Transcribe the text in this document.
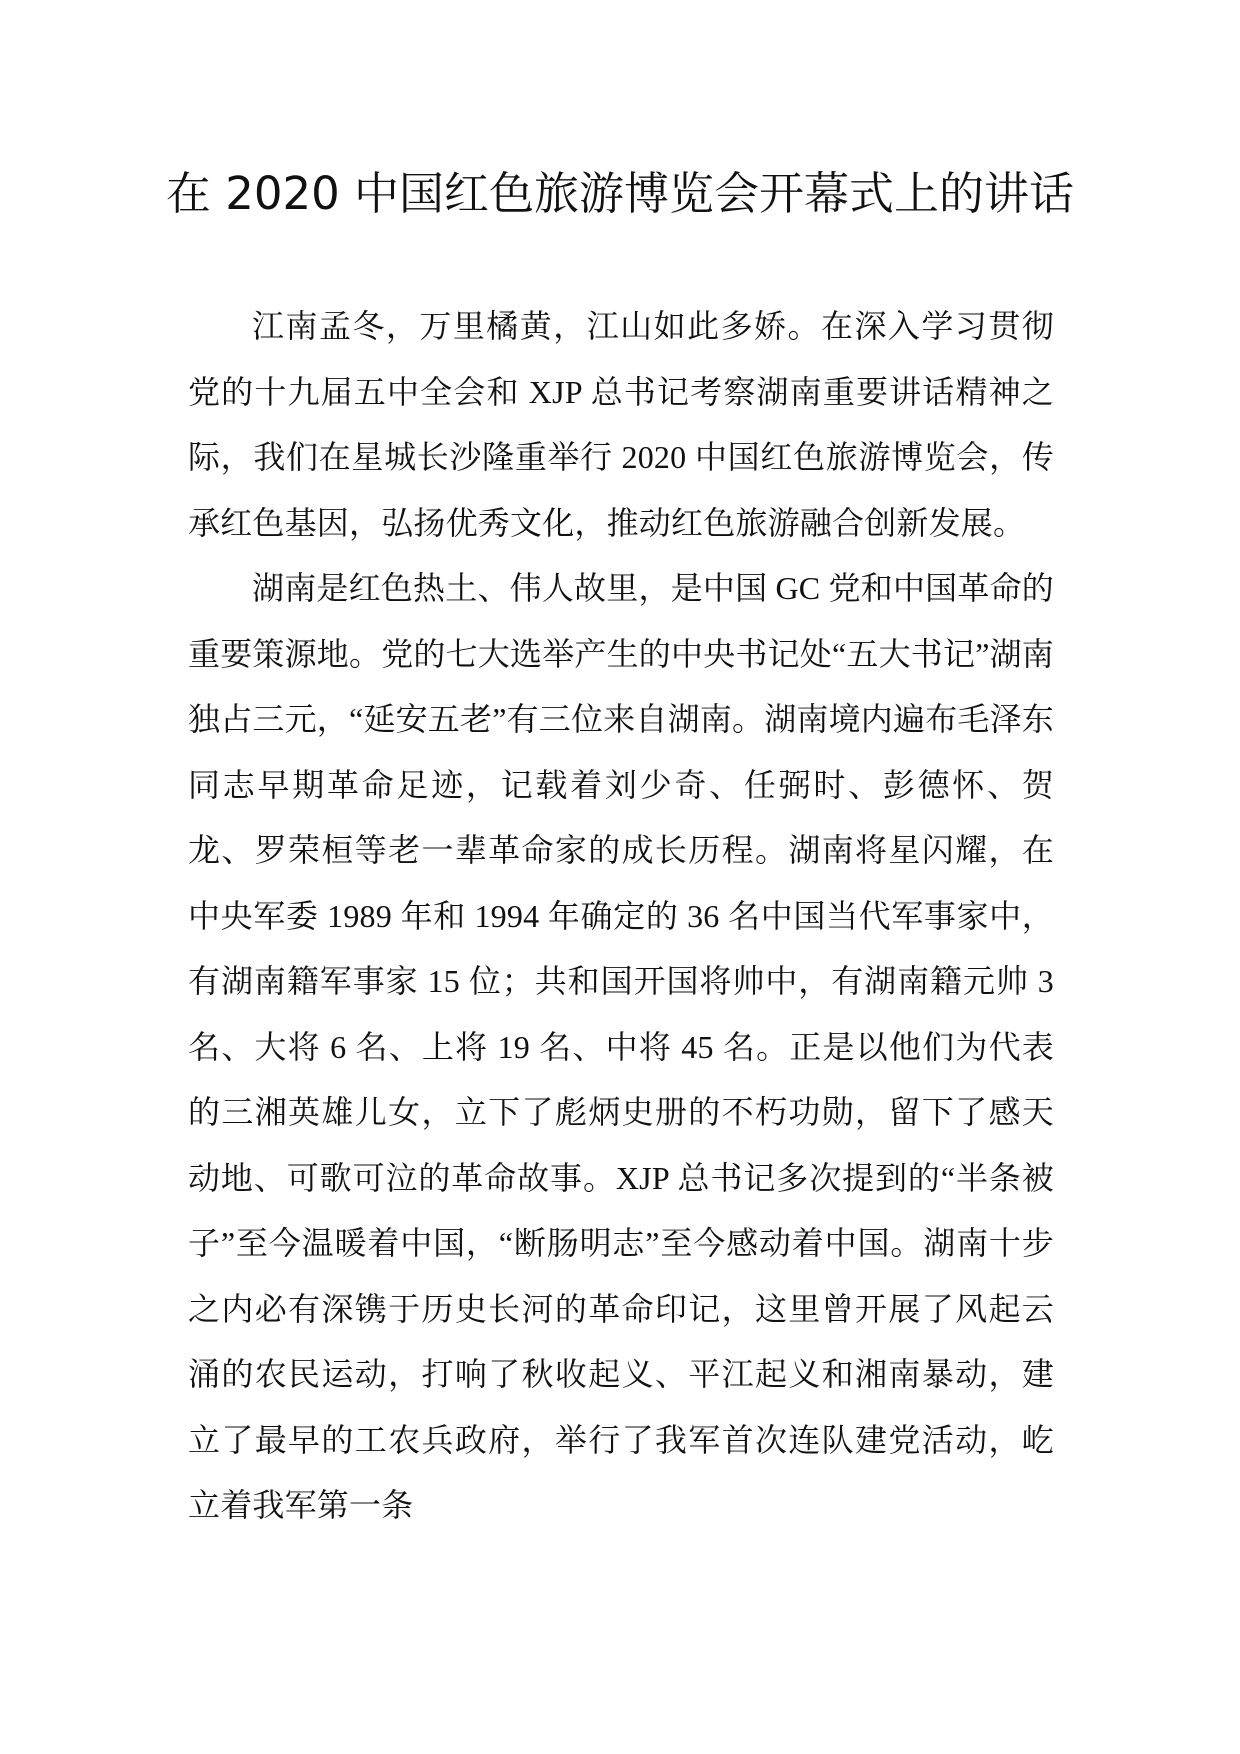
在 2020 中国红色旅游博览会开幕式上的讲话

江南孟冬，万里橘黄，江山如此多娇。在深入学习贯彻党的十九届五中全会和 XJP 总书记考察湖南重要讲话精神之际，我们在星城长沙隆重举行 2020 中国红色旅游博览会，传承红色基因，弘扬优秀文化，推动红色旅游融合创新发展。

湖南是红色热土、伟人故里，是中国 GC 党和中国革命的重要策源地。党的七大选举产生的中央书记处“五大书记”湖南独占三元，“延安五老”有三位来自湖南。湖南境内遍布毛泽东同志早期革命足迹，记载着刘少奇、任弼时、彭德怀、贺龙、罗荣桓等老一辈革命家的成长历程。湖南将星闪耀，在中央军委 1989 年和 1994 年确定的 36 名中国当代军事家中，有湖南籍军事家 15 位；共和国开国将帅中，有湖南籍元帅 3 名、大将 6 名、上将 19 名、中将 45 名。正是以他们为代表的三湘英雄儿女，立下了彪炳史册的不朽功勋，留下了感天动地、可歌可泣的革命故事。XJP 总书记多次提到的“半条被子”至今温暖着中国，“断肠明志”至今感动着中国。湖南十步之内必有深镌于历史长河的革命印记，这里曾开展了风起云涌的农民运动，打响了秋收起义、平江起义和湘南暴动，建立了最早的工农兵政府，举行了我军首次连队建党活动，屹立着我军第一条
